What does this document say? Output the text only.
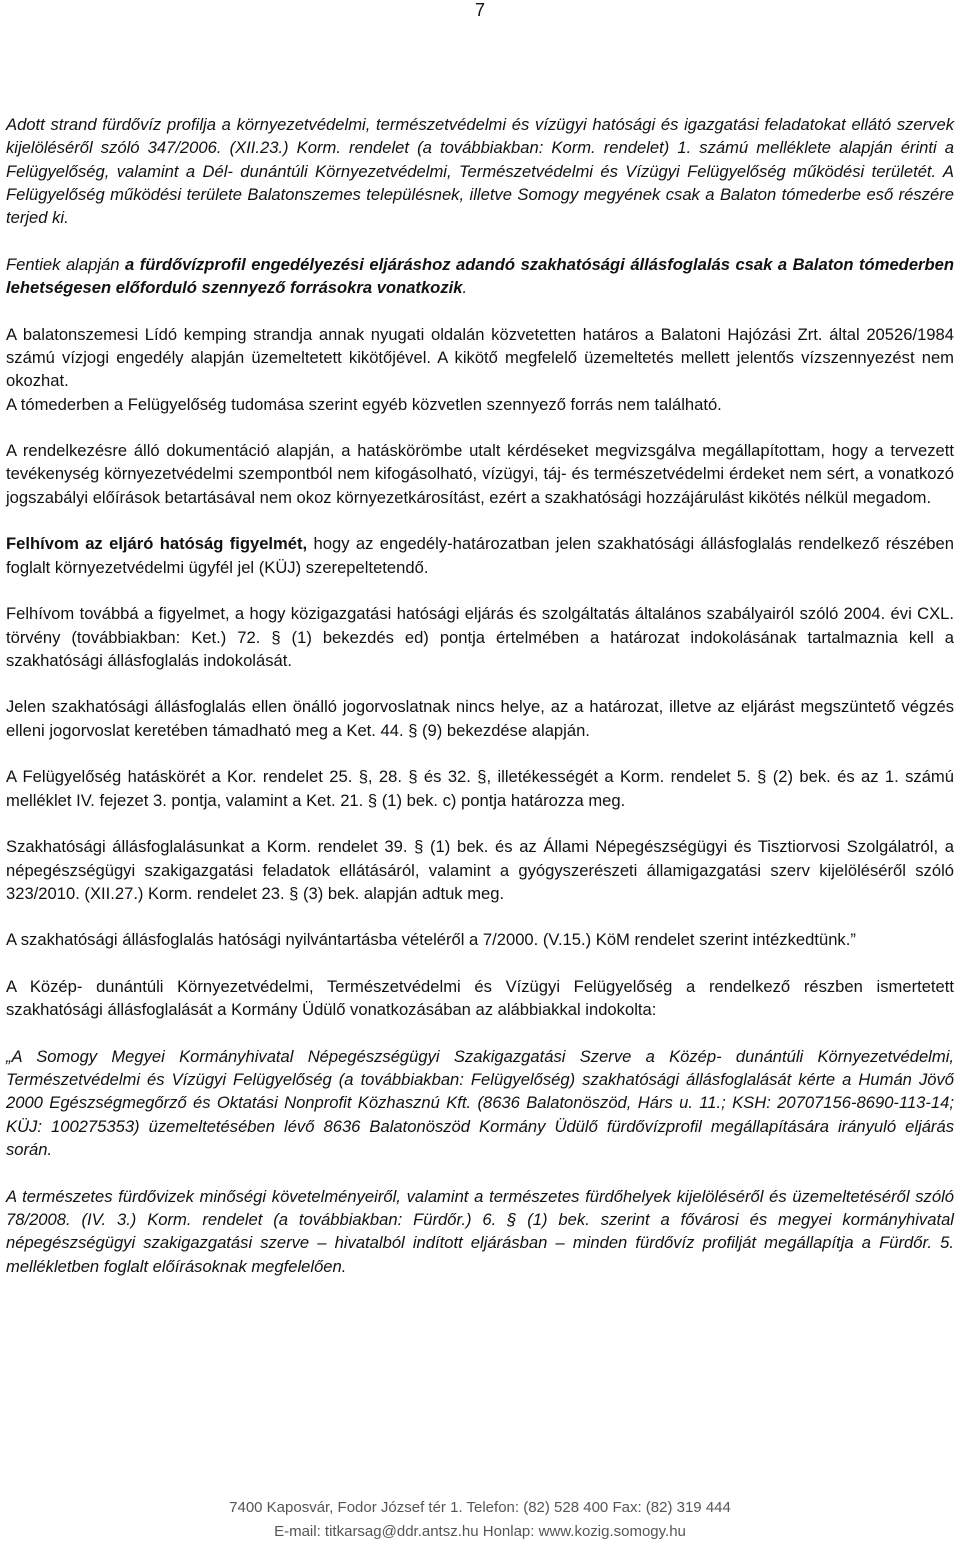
7

Adott strand fürdővíz profilja a környezetvédelmi, természetvédelmi és vízügyi hatósági és igazgatási feladatokat ellátó szervek kijelöléséről szóló 347/2006. (XII.23.) Korm. rendelet (a továbbiakban: Korm. rendelet) 1. számú melléklete alapján érinti a Felügyelőség, valamint a Dél- dunántúli Környezetvédelmi, Természetvédelmi és Vízügyi Felügyelőség működési területét. A Felügyelőség működési területe Balatonszemes településnek, illetve Somogy megyének csak a Balaton tómederbe eső részére terjed ki.

Fentiek alapján a fürdővízprofil engedélyezési eljáráshoz adandó szakhatósági állásfoglalás csak a Balaton tómederben lehetségesen előforduló szennyező forrásokra vonatkozik.

A balatonszemesi Lídó kemping strandja annak nyugati oldalán közvetetten határos a Balatoni Hajózási Zrt. által 20526/1984 számú vízjogi engedély alapján üzemeltetett kikötőjével. A kikötő megfelelő üzemeltetés mellett jelentős vízszennyezést nem okozhat.

A tómederben a Felügyelőség tudomása szerint egyéb közvetlen szennyező forrás nem található.

A rendelkezésre álló dokumentáció alapján, a hatáskörömbe utalt kérdéseket megvizsgálva megállapítottam, hogy a tervezett tevékenység környezetvédelmi szempontból nem kifogásolható, vízügyi, táj- és természetvédelmi érdeket nem sért, a vonatkozó jogszabályi előírások betartásával nem okoz környezetkárosítást, ezért a szakhatósági hozzájárulást kikötés nélkül megadom.

Felhívom az eljáró hatóság figyelmét, hogy az engedély-határozatban jelen szakhatósági állásfoglalás rendelkező részében foglalt környezetvédelmi ügyfél jel (KÜJ) szerepeltetendő.

Felhívom továbbá a figyelmet, a hogy közigazgatási hatósági eljárás és szolgáltatás általános szabályairól szóló 2004. évi CXL. törvény (továbbiakban: Ket.) 72. § (1) bekezdés ed) pontja értelmében a határozat indokolásának tartalmaznia kell a szakhatósági állásfoglalás indokolását.

Jelen szakhatósági állásfoglalás ellen önálló jogorvoslatnak nincs helye, az a határozat, illetve az eljárást megszüntető végzés elleni jogorvoslat keretében támadható meg a Ket. 44. § (9) bekezdése alapján.

A Felügyelőség hatáskörét a Kor. rendelet 25. §, 28. § és 32. §, illetékességét a Korm. rendelet 5. § (2) bek. és az 1. számú melléklet IV. fejezet 3. pontja, valamint a Ket. 21. § (1) bek. c) pontja határozza meg.

Szakhatósági állásfoglalásunkat a Korm. rendelet 39. § (1) bek. és az Állami Népegészségügyi és Tisztiorvosi Szolgálatról, a népegészségügyi szakigazgatási feladatok ellátásáról, valamint a gyógyszerészeti államigazgatási szerv kijelöléséről szóló 323/2010. (XII.27.) Korm. rendelet 23. § (3) bek. alapján adtuk meg.

A szakhatósági állásfoglalás hatósági nyilvántartásba vételéről a 7/2000. (V.15.) KöM rendelet szerint intézkedtünk.”

A Közép- dunántúli Környezetvédelmi, Természetvédelmi és Vízügyi Felügyelőség a rendelkező részben ismertetett szakhatósági állásfoglalását a Kormány Üdülő vonatkozásában az alábbiakkal indokolta:

„A Somogy Megyei Kormányhivatal Népegészségügyi Szakigazgatási Szerve a Közép- dunántúli Környezetvédelmi, Természetvédelmi és Vízügyi Felügyelőség (a továbbiakban: Felügyelőség) szakhatósági állásfoglalását kérte a Humán Jövő 2000 Egészségmegőrző és Oktatási Nonprofit Közhasznú Kft. (8636 Balatonöszöd, Hárs u. 11.; KSH: 20707156-8690-113-14; KÜJ: 100275353) üzemeltetésében lévő 8636 Balatonöszöd Kormány Üdülő fürdővízprofil megállapítására irányuló eljárás során.

A természetes fürdővizek minőségi követelményeiről, valamint a természetes fürdőhelyek kijelöléséről és üzemeltetéséről szóló 78/2008. (IV. 3.) Korm. rendelet (a továbbiakban: Fürdőr.) 6. § (1) bek. szerint a fővárosi és megyei kormányhivatal népegészségügyi szakigazgatási szerve – hivatalból indított eljárásban – minden fürdővíz profilját megállapítja a Fürdőr. 5. mellékletben foglalt előírásoknak megfelelően.

7400 Kaposvár, Fodor József tér 1. Telefon: (82) 528 400 Fax: (82) 319 444
E-mail: titkarsag@ddr.antsz.hu Honlap: www.kozig.somogy.hu
